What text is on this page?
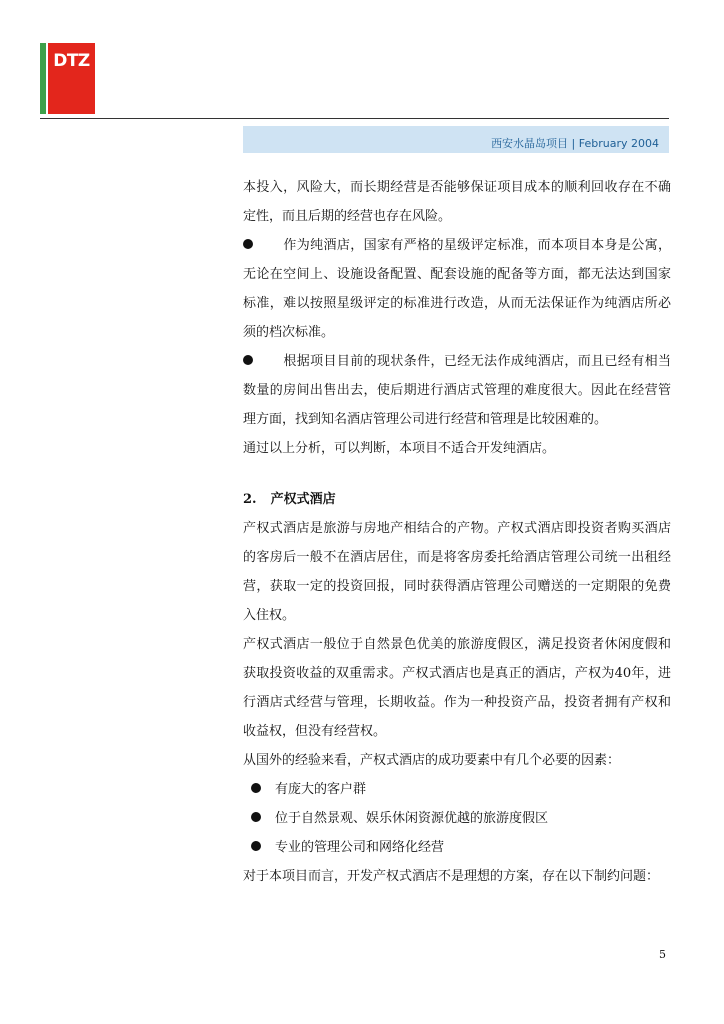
DTZ
西安水晶岛项目 | February 2004

本投入，风险大，而长期经营是否能够保证项目成本的顺利回收存在不确定性，而且后期的经营也存在风险。

作为纯酒店，国家有严格的星级评定标准，而本项目本身是公寓，无论在空间上、设施设备配置、配套设施的配备等方面，都无法达到国家标准，难以按照星级评定的标准进行改造，从而无法保证作为纯酒店所必须的档次标准。

根据项目目前的现状条件，已经无法作成纯酒店，而且已经有相当数量的房间出售出去，使后期进行酒店式管理的难度很大。因此在经营管理方面，找到知名酒店管理公司进行经营和管理是比较困难的。

通过以上分析，可以判断，本项目不适合开发纯酒店。

2. 产权式酒店

产权式酒店是旅游与房地产相结合的产物。产权式酒店即投资者购买酒店的客房后一般不在酒店居住，而是将客房委托给酒店管理公司统一出租经营，获取一定的投资回报，同时获得酒店管理公司赠送的一定期限的免费入住权。

产权式酒店一般位于自然景色优美的旅游度假区，满足投资者休闲度假和获取投资收益的双重需求。产权式酒店也是真正的酒店，产权为40年，进行酒店式经营与管理，长期收益。作为一种投资产品，投资者拥有产权和收益权，但没有经营权。

从国外的经验来看，产权式酒店的成功要素中有几个必要的因素：

有庞大的客户群
位于自然景观、娱乐休闲资源优越的旅游度假区
专业的管理公司和网络化经营

对于本项目而言，开发产权式酒店不是理想的方案，存在以下制约问题：

5
